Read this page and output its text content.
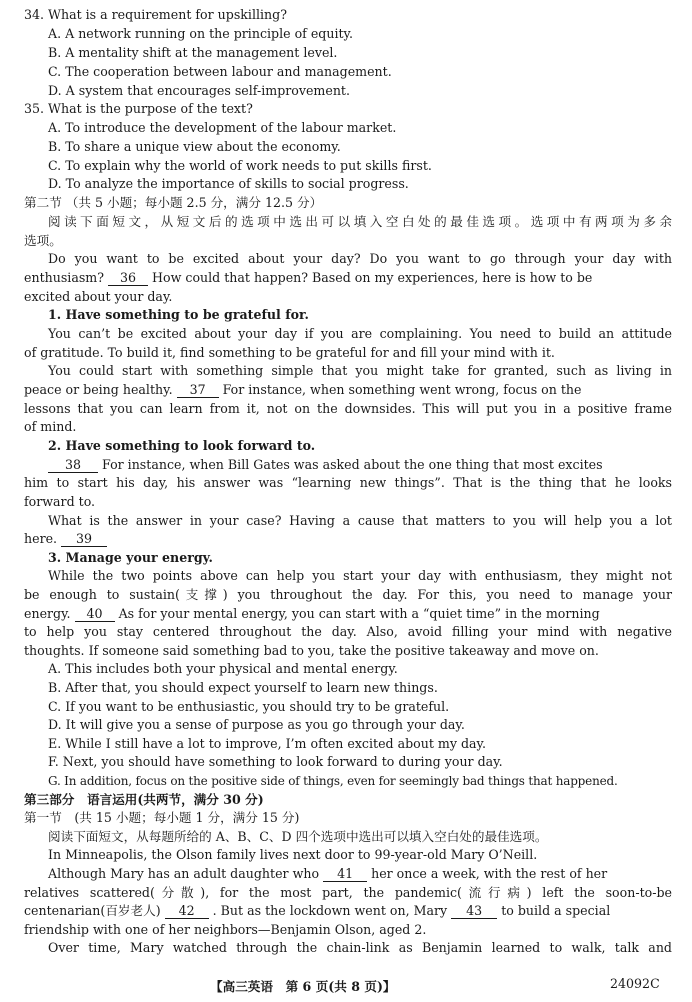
34. What is a requirement for upskilling?
A. A network running on the principle of equity.
B. A mentality shift at the management level.
C. The cooperation between labour and management.
D. A system that encourages self-improvement.
35. What is the purpose of the text?
A. To introduce the development of the labour market.
B. To share a unique view about the economy.
C. To explain why the world of work needs to put skills first.
D. To analyze the importance of skills to social progress.
第二节 （共 5 小题；每小题 2.5 分，满分 12.5 分）
阅读下面短文，从短文后的选项中选出可以填入空白处的最佳选项。选项中有两项为多余
选项。
Do you want to be excited about your day? Do you want to go through your day with
enthusiasm? 36 How could that happen? Based on my experiences, here is how to be
excited about your day.
1. Have something to be grateful for.
You can’t be excited about your day if you are complaining. You need to build an attitude
of gratitude. To build it, find something to be grateful for and fill your mind with it.
You could start with something simple that you might take for granted, such as living in
peace or being healthy. 37 For instance, when something went wrong, focus on the
lessons that you can learn from it, not on the downsides. This will put you in a positive frame
of mind.
2. Have something to look forward to.
38 For instance, when Bill Gates was asked about the one thing that most excites
him to start his day, his answer was “learning new things”. That is the thing that he looks
forward to.
What is the answer in your case? Having a cause that matters to you will help you a lot
here. 39
3. Manage your energy.
While the two points above can help you start your day with enthusiasm, they might not
be enough to sustain(支撑) you throughout the day. For this, you need to manage your
energy. 40 As for your mental energy, you can start with a “quiet time” in the morning
to help you stay centered throughout the day. Also, avoid filling your mind with negative
thoughts. If someone said something bad to you, take the positive takeaway and move on.
A. This includes both your physical and mental energy.
B. After that, you should expect yourself to learn new things.
C. If you want to be enthusiastic, you should try to be grateful.
D. It will give you a sense of purpose as you go through your day.
E. While I still have a lot to improve, I’m often excited about my day.
F. Next, you should have something to look forward to during your day.
G. In addition, focus on the positive side of things, even for seemingly bad things that happened.
第三部分　语言运用(共两节，满分 30 分)
第一节　(共 15 小题；每小题 1 分，满分 15 分)
阅读下面短文，从每题所给的 A、B、C、D 四个选项中选出可以填入空白处的最佳选项。
In Minneapolis, the Olson family lives next door to 99-year-old Mary O’Neill.
Although Mary has an adult daughter who 41 her once a week, with the rest of her
relatives scattered(分散), for the most part, the pandemic(流行病) left the soon-to-be
centenarian(百岁老人) 42 . But as the lockdown went on, Mary 43 to build a special
friendship with one of her neighbors—Benjamin Olson, aged 2.
Over time, Mary watched through the chain-link as Benjamin learned to walk, talk and
【高三英语　第 6 页(共 8 页)】	24092C
